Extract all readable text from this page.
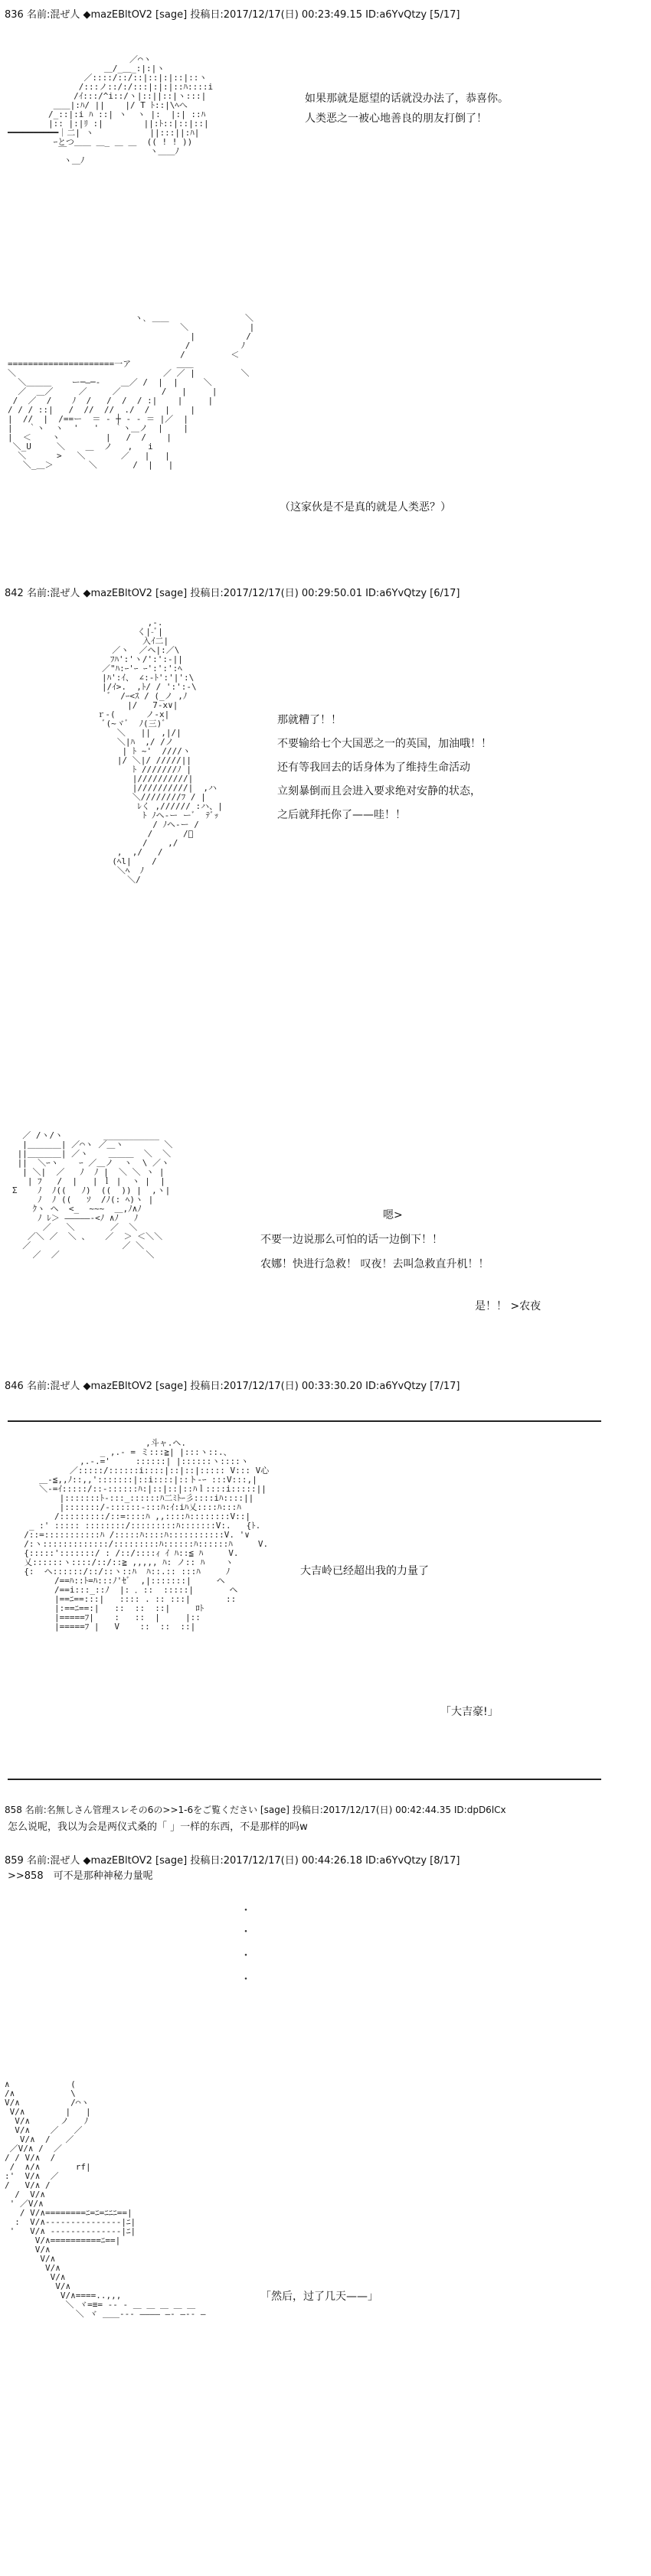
836 名前:混ぜ人 ◆mazEBltOV2 [sage] 投稿日:2017/12/17(日) 00:23:49.15 ID:a6YvQtzy [5/17]
／⌒ヽ
＿/_＿_:|:|ヽ
／::::/::/::|::|:|::|::ヽ
/:::ノ::/:/:::|:|:|::ﾊ::::i
/ｲ:::/^i::/ヽ|::||::|ヽ:::|
＿＿|:ﾊ/ ||    |/ T ﾄ::|\ﾍへ
/_::|:i ﾊ ::| ヽ  ヽ |:  |:| ::ﾊ
|:: |:|ﾘ :|        ||:ﾄ::|::|::|
━━━━━━━━━━｜二| ヽ           ||:::||:ﾊ|
ｰとつ＿＿ ＿_ ＿ ＿  (( ! ! ))
￣　　             ヽ＿＿ﾉ
ヽ＿ﾉ

如果那就是愿望的话就没办法了，恭喜你。

人类恶之一被心地善良的朋友打倒了！

ヽ､ ＿＿               ＼
＼            |
|          /
/          ﾉ
/         ＜
=====================一ア         ＿＿
＼                             ／ ／ |         ＼
＼＿＿＿    ー─―─‐    ＿／ /  |  |     ＼
／  ＿／     ／     ／        /   |     |
/  ／  /    ﾉ  /   /  /  / :|    |     |
/ / / ::|   /  //  //  ./  /   |    |
|  //  |  /==ー  ＝ ‐ ┼ ‐ ‐ ＝ |／  |
|   ｀ヽ  ヽ  '   '   ｀ヽ＿ノ  |    |
|  ＜    ヽ         |   /  /    |
＼_U     ＼    ＿  ノ   ,   i
＼      >   ＼       ／   |   |
＼_＿＞       ＼       /  |   |

（这家伙是不是真的就是人类恶？）
842 名前:混ぜ人 ◆mazEBltOV2 [sage] 投稿日:2017/12/17(日) 00:29:50.01 ID:a6YvQtzy [6/17]
,-.
く|-ﾞ|
入ｲ二|
／ヽ  ／ヘ|:／\
　ﾌﾊ':'ヽ/':':-||
／"ﾊ:ｰ'ｰ ｰ':':':ﾍ
|ﾊ':ｲ、 ∠:-ﾄ':'|':\
|/ｲ>.  ,ﾄ/ / ':':-\
゛ /ｰ<ｽ / (_ノ ,ﾉ
|/   7-x∨|
ｒ-(      ノ-x|
ﾞ(~ヾﾞ  ﾉ(三)ﾞ
＼   ||  ,|/|
＼|ﾊ  ,/ /ノ
| ﾄ ~'  ////ヽ
|/ ＼|/ /////||
ﾄ ///////ﾉ |
|//////////|
|//////////|  ,ハ
＼////////ﾌ / |
ﾚく ,////// :ハ、|
ﾄ ﾉヘ-ー ーﾞ  ﾃﾞｯ
/ ﾉヘ-ー /
/      /ﾞ
/    ,/
,  ,/   /
(ﾍl|    /
＼ﾍ  ﾉ
＼/

那就糟了！！

不要输给七个大国恶之一的英国，加油哦！！

还有等我回去的话身体为了维持生命活动

立刻暴倒而且会进入要求绝对安静的状态，

之后就拜托你了——哇！！

／ /ヽ/ヽ        ___________
|＿＿＿＿| ／⌒ヽ ／＿ヽ        ＼
||＿＿＿＿| ／ヽ    ＿＿＿  ＼  ＼
||  ＼ｰヽ    ｰ ／＿ノ  ヽ  \ ／ヽ
| ＼|  ／   ﾉ  ﾉ |  ＼ ＼ ヽ |
| ﾌ   /  |   | ｌ |  ヽ |  |
Σ    ﾉ  ﾉ((   ﾉ)  ((  )) |  ,ヽ|
ﾉ  ﾉ ((   ｿ  /ﾉ(: ﾍ)ヽ |
ｸヽ ヘ  <_  ~~~  ＿,ﾉ∧ﾉ
ﾉ ﾚ＞ ―――――‐<ﾉ ∧ﾉ   ﾉ
／   ＼       ／  ＼
／＼ ／  ＼ 、   ／  ＞ ＜＼＼
／                  ／ ＼
／  ／                 ＼

嗯>

不要一边说那么可怕的话一边倒下！！

农娜！快进行急救！ 叹夜！去叫急救直升机！！

是！！ >农夜
846 名前:混ぜ人 ◆mazEBltOV2 [sage] 投稿日:2017/12/17(日) 00:33:30.20 ID:a6YvQtzy [7/17]
,斗ャ.ヘ.
_ ,.- = ミ:::≧| |:::ヽ::.、
,.-.='     ::::::| |::::::ヽ::::ヽ
／:::::/::::::i::::|::|::|::::: V::: V心
＿-≦,,ﾉ::,,':::::::|::i::::|::ト‐ｰ :::V:::,|
＼-=ｲ:::::/::-::::::ﾊ:|::|::|::ﾊｌ::::i:::::||
|:::::::ﾄ-:::_::::::ﾊ二ﾐﾄｰ彡::::iﾊ::::||
|:::::::/-::::::-:::ﾊ:ｲ:iﾊ乂::::ﾊ:::ﾊ
/:::::::::/::=::::ﾊ ,,::::ﾊ::::::::V::|
_ :' ::::: ::::::::/:::::::::ﾊ:::::::V:.   {ﾄ.
/::=:::::::::::ﾊ /:::::ﾊ::::ﾊ:::::::::::V. '∨
/:ヽ:::::::::::::/:::::::::ﾊ::::::ﾊ::::::ﾊ     V.
{:::::':::::::/ : /::/::::ｨ ｲ ﾊ::≦ ﾊ     V.
乂::::::ヽ::::/::/::≧ ,,,,, ﾊ: ノ:: ﾊ    ヽ
{:  ヘ::::::/::/::ヽ::ﾊ  ﾊ::.:: :::ﾊ     ﾉ
/==ﾊ::ﾄ=ﾊ:::ﾉ'ｾﾞ  ,|:::::::|     ヘ
/==i:::_::ﾉ  |: ．::  :::::|       ヘ
|==ﾆ==:::|   :::: . :: :::|       ::
|:==ﾆ==:|   ::  ::  ::|     ﾛﾄ
|=====ﾌ|    :   ::  |     |::
|=====ﾌ |   V    ::  ::  ::|

大吉岭已经超出我的力量了

「大吉豪!」
858 名前:名無しさん管理スレその6の>>1-6をご覧ください [sage] 投稿日:2017/12/17(日) 00:42:44.35 ID:dpD6lCx
怎么说呢，我以为会是两仪式桑的「 」一样的东西，不是那样的吗w
859 名前:混ぜ人 ◆mazEBltOV2 [sage] 投稿日:2017/12/17(日) 00:44:26.18 ID:a6YvQtzy [8/17]
>>858　可不是那种神秘力量呢
・
・
・
・
∧            (
/∧           \
V/∧          /⌒ヽ
V/∧        |   |
V/∧      ノ   ﾉ
V/∧    ／   ／
V/∧  /   ／
／V/∧ /  ／
/ / V/∧  /
/  ∧/∧       rf|
:'  V/∧  ／
/   V/∧ /
/  V/∧
' ／V/∧
/ V/∧========ﾆ=ﾆ=ﾆﾆﾆ==|
:  V/∧---------------|ﾆ|
'   V/∧ --------------|ﾆ|
V/∧==========ﾆ==|
V/∧
V/∧
V/∧
V/∧
V/∧
V/∧====..,,,
＼ ヾ=≡= -- - ＿ ＿ ＿ ＿ ＿
＼ ヾ ＿＿--- ―――― ―‐ ―-- ―

「然后，过了几天——」
